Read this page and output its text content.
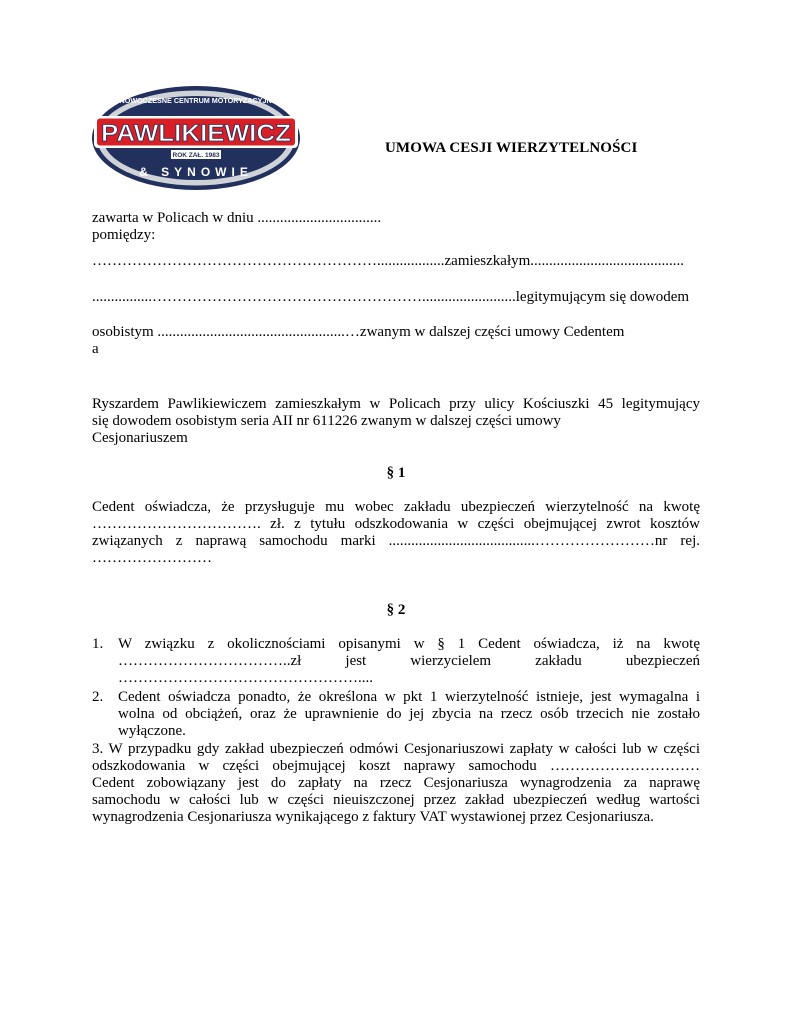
NOWOCZESNE CENTRUM MOTORYZACYJNE
PAWLIKIEWICZ
ROK ZAŁ. 1983
& SYNOWIE
UMOWA CESJI WIERZYTELNOŚCI
zawarta w Policach w dniu .................................
pomiędzy:
…………………………………………………..................zamieszkałym.........................................
................……………………………………………….........................legitymującym się dowodem
osobistym ..................................................…zwanym w dalszej części umowy Cedentem
a
Ryszardem Pawlikiewiczem zamieszkałym w Policach przy ulicy Kościuszki 45 legitymujący
się dowodem osobistym seria AII nr 611226 zwanym w dalszej części umowy
Cesjonariuszem
§ 1
Cedent oświadcza, że przysługuje mu wobec zakładu ubezpieczeń wierzytelność na kwotę
……………………………. zł. z tytułu odszkodowania w części obejmującej zwrot kosztów
związanych z naprawą samochodu marki .......................................……………………nr rej.
……………………
§ 2
1. W związku z okolicznościami opisanymi w § 1 Cedent oświadcza, iż na kwotę
……………………………..zł          jest          wierzycielem          zakładu          ubezpieczeń
…………………………………………....
2. Cedent oświadcza ponadto, że określona w pkt 1 wierzytelność istnieje, jest wymagalna i
wolna od obciążeń, oraz że uprawnienie do jej zbycia na rzecz osób trzecich nie zostało
wyłączone.
3. W przypadku gdy zakład ubezpieczeń odmówi Cesjonariuszowi zapłaty w całości lub w części
odszkodowania w części obejmującej koszt naprawy samochodu …………………………
Cedent zobowiązany jest do zapłaty na rzecz Cesjonariusza wynagrodzenia za naprawę
samochodu w całości lub w części nieuiszczonej przez zakład ubezpieczeń według wartości
wynagrodzenia Cesjonariusza wynikającego z faktury VAT wystawionej przez Cesjonariusza.
